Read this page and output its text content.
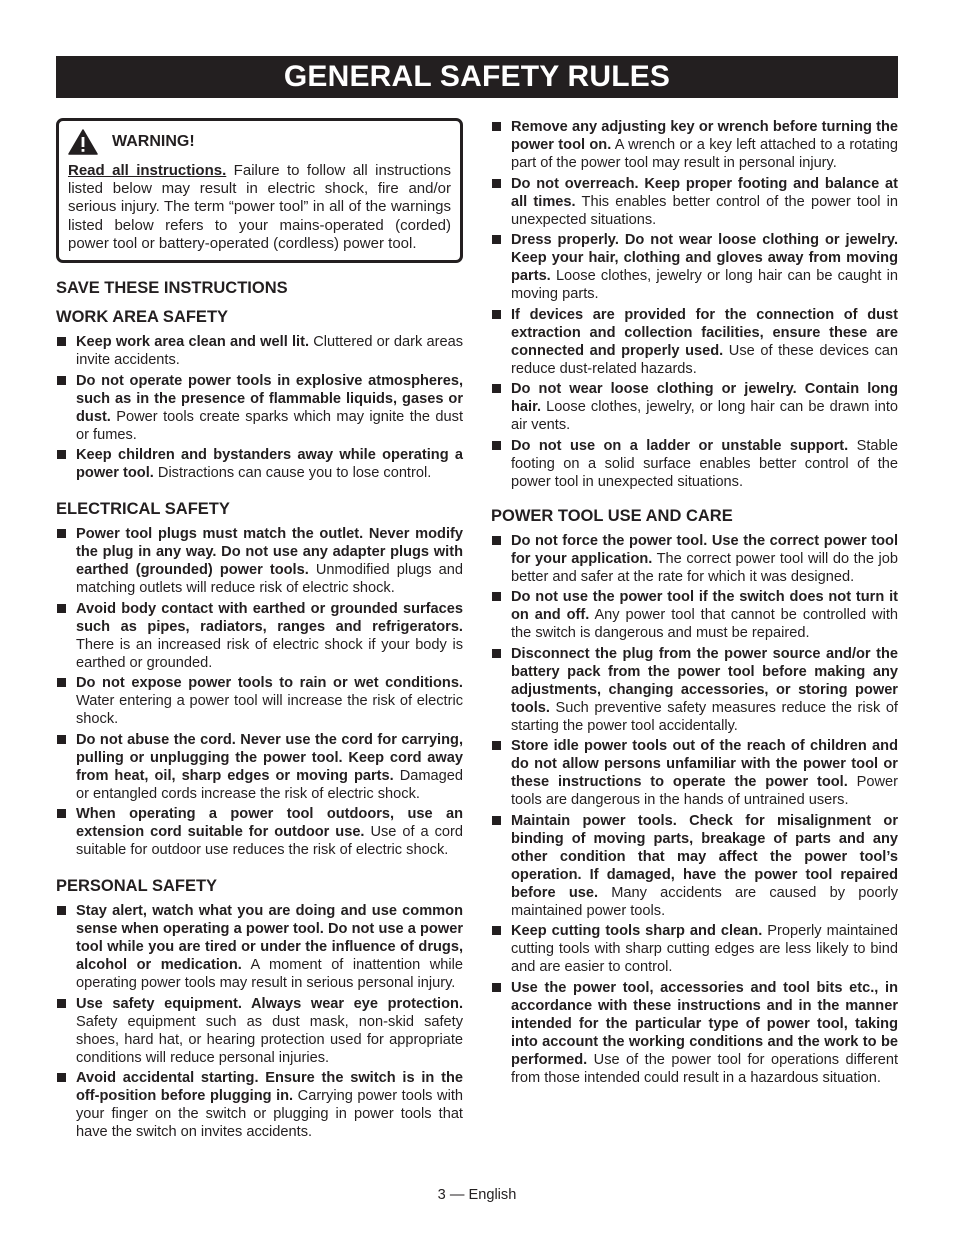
GENERAL SAFETY RULES
WARNING!
Read all instructions. Failure to follow all instructions listed below may result in electric shock, fire and/or serious injury. The term “power tool” in all of the warnings listed below refers to your mains-operated (corded) power tool or battery-operated (cordless) power tool.
SAVE THESE INSTRUCTIONS
WORK AREA SAFETY
Keep work area clean and well lit. Cluttered or dark areas invite accidents.
Do not operate power tools in explosive atmospheres, such as in the presence of flammable liquids, gases or dust. Power tools create sparks which may ignite the dust or fumes.
Keep children and bystanders away while operating a power tool. Distractions can cause you to lose control.
ELECTRICAL SAFETY
Power tool plugs must match the outlet. Never modify the plug in any way. Do not use any adapter plugs with earthed (grounded) power tools. Unmodified plugs and matching outlets will reduce risk of electric shock.
Avoid body contact with earthed or grounded surfaces such as pipes, radiators, ranges and refrigerators. There is an increased risk of electric shock if your body is earthed or grounded.
Do not expose power tools to rain or wet conditions. Water entering a power tool will increase the risk of electric shock.
Do not abuse the cord. Never use the cord for carrying, pulling or unplugging the power tool. Keep cord away from heat, oil, sharp edges or moving parts. Damaged or entangled cords increase the risk of electric shock.
When operating a power tool outdoors, use an extension cord suitable for outdoor use. Use of a cord suitable for outdoor use reduces the risk of electric shock.
PERSONAL SAFETY
Stay alert, watch what you are doing and use common sense when operating a power tool. Do not use a power tool while you are tired or under the influence of drugs, alcohol or medication. A moment of inattention while operating power tools may result in serious personal injury.
Use safety equipment. Always wear eye protection. Safety equipment such as dust mask, non-skid safety shoes, hard hat, or hearing protection used for appropriate conditions will reduce personal injuries.
Avoid accidental starting. Ensure the switch is in the off-position before plugging in. Carrying power tools with your finger on the switch or plugging in power tools that have the switch on invites accidents.
Remove any adjusting key or wrench before turning the power tool on. A wrench or a key left attached to a rotating part of the power tool may result in personal injury.
Do not overreach. Keep proper footing and balance at all times. This enables better control of the power tool in unexpected situations.
Dress properly. Do not wear loose clothing or jewelry. Keep your hair, clothing and gloves away from moving parts. Loose clothes, jewelry or long hair can be caught in moving parts.
If devices are provided for the connection of dust extraction and collection facilities, ensure these are connected and properly used. Use of these devices can reduce dust-related hazards.
Do not wear loose clothing or jewelry. Contain long hair. Loose clothes, jewelry, or long hair can be drawn into air vents.
Do not use on a ladder or unstable support. Stable footing on a solid surface enables better control of the power tool in unexpected situations.
POWER TOOL USE AND CARE
Do not force the power tool. Use the correct power tool for your application. The correct power tool will do the job better and safer at the rate for which it was designed.
Do not use the power tool if the switch does not turn it on and off. Any power tool that cannot be controlled with the switch is dangerous and must be repaired.
Disconnect the plug from the power source and/or the battery pack from the power tool before making any adjustments, changing accessories, or storing power tools. Such preventive safety measures reduce the risk of starting the power tool accidentally.
Store idle power tools out of the reach of children and do not allow persons unfamiliar with the power tool or these instructions to operate the power tool. Power tools are dangerous in the hands of untrained users.
Maintain power tools. Check for misalignment or binding of moving parts, breakage of parts and any other condition that may affect the power tool’s operation. If damaged, have the power tool repaired before use. Many accidents are caused by poorly maintained power tools.
Keep cutting tools sharp and clean. Properly maintained cutting tools with sharp cutting edges are less likely to bind and are easier to control.
Use the power tool, accessories and tool bits etc., in accordance with these instructions and in the manner intended for the particular type of power tool, taking into account the working conditions and the work to be performed. Use of the power tool for operations different from those intended could result in a hazardous situation.
3 — English
